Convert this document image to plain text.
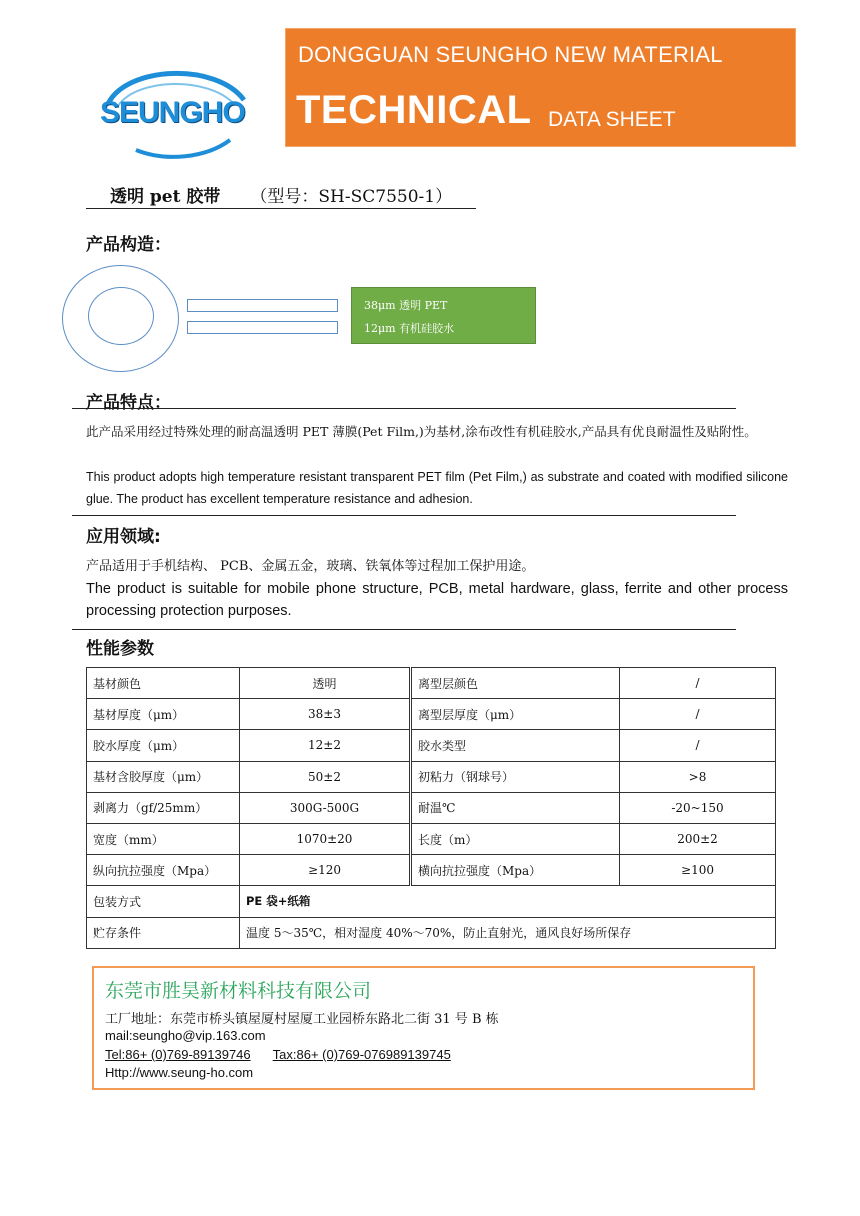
SEUNGHO
DONGGUAN SEUNGHO NEW MATERIAL
TECHNICAL DATA SHEET
透明 pet 胶带 （型号：SH-SC7550-1）
产品构造：
38μm 透明 PET
12μm 有机硅胶水
产品特点：
此产品采用经过特殊处理的耐高温透明 PET 薄膜(Pet Film,)为基材,涂布改性有机硅胶水,产品具有优良耐温性及贴附性。
This product adopts high temperature resistant transparent PET film (Pet Film,) as substrate and coated with modified silicone glue. The product has excellent temperature resistance and adhesion.
应用领域:
产品适用于手机结构、 PCB、金属五金，玻璃、铁氧体等过程加工保护用途。
The product is suitable for mobile phone structure, PCB, metal hardware, glass, ferrite and other process processing protection purposes.
性能参数
基材颜色	透明	离型层颜色	/
基材厚度（μm）	38±3	离型层厚度（μm）	/
胶水厚度（μm）	12±2	胶水类型	/
基材含胶厚度（μm）	50±2	初粘力（钢球号）	>8
剥离力（gf/25mm）	300G-500G	耐温℃	-20~150
宽度（mm）	1070±20	长度（m）	200±2
纵向抗拉强度（Mpa）	≥120	横向抗拉强度（Mpa）	≥100
包装方式	PE 袋+纸箱		
贮存条件	温度 5～35℃，相对湿度 40%～70%，防止直射光，通风良好场所保存		
东莞市胜昊新材料科技有限公司
工厂地址：东莞市桥头镇屋厦村屋厦工业园桥东路北二街 31 号 B 栋
mail:seungho@vip.163.com
Tel:86+ (0)769-89139746 Tax:86+ (0)769-076989139745
Http://www.seung-ho.com
